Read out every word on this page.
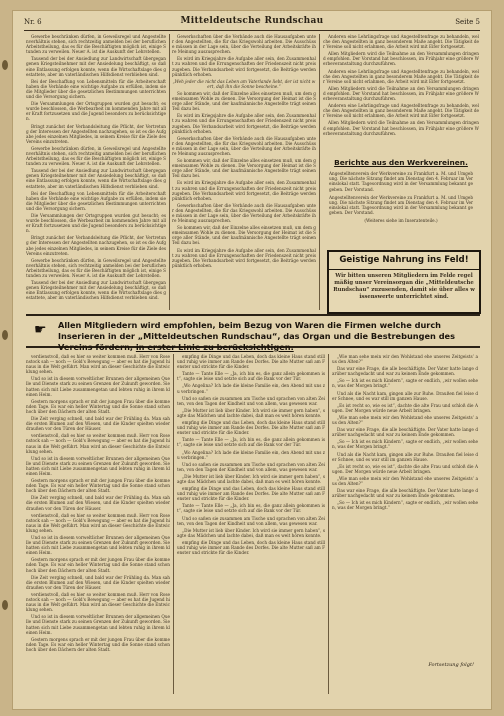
Nr. 6	Mitteldeutsche Rundschau	Seite 5

Gewerbe beschränken dürfen, in Geweilsregel und Angestelltenverhältnis stehen, sich rechtzeitig anmelden bei der beruflichen Arbeitstheilung, das es für die Beschäftigten möglich ist, einige Stunden zu verweilen. Neuer A. ist die Auskunft der Lehrstellen.

Tausend der bei der Ansiedlung zur Landwirtschaft übergegangenen Kriegsteilnehmer mit der Ansiedelung beschäftigt, so daß eine Entlassung erfolgen konnte, wenn die Wirtschaftslage dies gestattete, aber im vaterländischen Hilfsdienst verblieben sind.

Bei der Beschaffung von Lebensmitteln für die Arbeiterschaft haben die Verbände eine wichtige Aufgabe zu erfüllen, indem sie die Mitglieder über die gesetzlichen Bestimmungen unterrichten und die Versorgung sichern.

Die Versammlungen der Ortsgruppen wurden gut besucht; es wurde beschlossen, die Werbearbeit im kommenden Jahre mit aller Kraft fortzusetzen und die Jugend besonders zu berücksichtigen.

Bringt zunächst der Verbandsleitung die Pflicht, der Vertretung der Interessen der Angestellten nachzugehen, so ist es die Aufgabe jedes einzelnen Mitgliedes, in seinem Kreise für die Ziele des Vereins einzutreten.

Gewerbe beschränken dürfen, in Geweilsregel und Angestelltenverhältnis stehen, sich rechtzeitig anmelden bei der beruflichen Arbeitstheilung, das es für die Beschäftigten möglich ist, einige Stunden zu verweilen. Neuer A. ist die Auskunft der Lehrstellen.

Tausend der bei der Ansiedlung zur Landwirtschaft übergegangenen Kriegsteilnehmer mit der Ansiedelung beschäftigt, so daß eine Entlassung erfolgen konnte, wenn die Wirtschaftslage dies gestattete, aber im vaterländischen Hilfsdienst verblieben sind.

Bei der Beschaffung von Lebensmitteln für die Arbeiterschaft haben die Verbände eine wichtige Aufgabe zu erfüllen, indem sie die Mitglieder über die gesetzlichen Bestimmungen unterrichten und die Versorgung sichern.

Die Versammlungen der Ortsgruppen wurden gut besucht; es wurde beschlossen, die Werbearbeit im kommenden Jahre mit aller Kraft fortzusetzen und die Jugend besonders zu berücksichtigen.

Bringt zunächst der Verbandsleitung die Pflicht, der Vertretung der Interessen der Angestellten nachzugehen, so ist es die Aufgabe jedes einzelnen Mitgliedes, in seinem Kreise für die Ziele des Vereins einzutreten.

Gewerbe beschränken dürfen, in Geweilsregel und Angestelltenverhältnis stehen, sich rechtzeitig anmelden bei der beruflichen Arbeitstheilung, das es für die Beschäftigten möglich ist, einige Stunden zu verweilen. Neuer A. ist die Auskunft der Lehrstellen.

Tausend der bei der Ansiedlung zur Landwirtschaft übergegangenen Kriegsteilnehmer mit der Ansiedelung beschäftigt, so daß eine Entlassung erfolgen konnte, wenn die Wirtschaftslage dies gestattete, aber im vaterländischen Hilfsdienst verblieben sind.

Gewerkschaften über die Verbände auch die Hausaufgaben unter den Angestellten, die für das Kriegswohl arbeiten. Die Ausschüsse müssen in der Lage sein, über die Verteilung der Arbeitskräfte ihre Meinung auszusprechen.

Es wird im Kriegsjahre die Aufgabe aller sein, den Zusammenhalt zu wahren und die Errungenschaften der Friedenszeit nicht preiszugeben. Die Verbandsarbeit wird fortgesetzt, die Beiträge werden pünktlich erhoben.

„Weh jeder die nicht das Leben am Vaterlande liebt, der ist nicht wert, daß ihn die Sonne bescheine.“

So kommen wir, daß der Einzelne alles einsetzen muß, um dem gemeinsamen Wohle zu dienen. Die Versorgung der Heimat ist die Sorge aller Stände, und der kaufmännische Angestellte trägt seinen Teil dazu bei.

Es wird im Kriegsjahre die Aufgabe aller sein, den Zusammenhalt zu wahren und die Errungenschaften der Friedenszeit nicht preiszugeben. Die Verbandsarbeit wird fortgesetzt, die Beiträge werden pünktlich erhoben.

Gewerkschaften über die Verbände auch die Hausaufgaben unter den Angestellten, die für das Kriegswohl arbeiten. Die Ausschüsse müssen in der Lage sein, über die Verteilung der Arbeitskräfte ihre Meinung auszusprechen.

So kommen wir, daß der Einzelne alles einsetzen muß, um dem gemeinsamen Wohle zu dienen. Die Versorgung der Heimat ist die Sorge aller Stände, und der kaufmännische Angestellte trägt seinen Teil dazu bei.

Es wird im Kriegsjahre die Aufgabe aller sein, den Zusammenhalt zu wahren und die Errungenschaften der Friedenszeit nicht preiszugeben. Die Verbandsarbeit wird fortgesetzt, die Beiträge werden pünktlich erhoben.

Gewerkschaften über die Verbände auch die Hausaufgaben unter den Angestellten, die für das Kriegswohl arbeiten. Die Ausschüsse müssen in der Lage sein, über die Verteilung der Arbeitskräfte ihre Meinung auszusprechen.

So kommen wir, daß der Einzelne alles einsetzen muß, um dem gemeinsamen Wohle zu dienen. Die Versorgung der Heimat ist die Sorge aller Stände, und der kaufmännische Angestellte trägt seinen Teil dazu bei.

Es wird im Kriegsjahre die Aufgabe aller sein, den Zusammenhalt zu wahren und die Errungenschaften der Friedenszeit nicht preiszugeben. Die Verbandsarbeit wird fortgesetzt, die Beiträge werden pünktlich erhoben.

Anderen eine Lehrlingsfrage und Angestelltenfrage zu behandeln, welche den Angestellten in ganz besonderem Maße angeht. Die Tätigkeit der Vereine soll nicht erlahmen, die Arbeit wird mit Eifer fortgesetzt.

Allen Mitgliedern wird die Teilnahme an den Versammlungen dringend empfohlen. Der Vorstand hat beschlossen, im Frühjahr eine größere Werbeveranstaltung durchzuführen.

Anderen eine Lehrlingsfrage und Angestelltenfrage zu behandeln, welche den Angestellten in ganz besonderem Maße angeht. Die Tätigkeit der Vereine soll nicht erlahmen, die Arbeit wird mit Eifer fortgesetzt.

Allen Mitgliedern wird die Teilnahme an den Versammlungen dringend empfohlen. Der Vorstand hat beschlossen, im Frühjahr eine größere Werbeveranstaltung durchzuführen.

Anderen eine Lehrlingsfrage und Angestelltenfrage zu behandeln, welche den Angestellten in ganz besonderem Maße angeht. Die Tätigkeit der Vereine soll nicht erlahmen, die Arbeit wird mit Eifer fortgesetzt.

Allen Mitgliedern wird die Teilnahme an den Versammlungen dringend empfohlen. Der Vorstand hat beschlossen, im Frühjahr eine größere Werbeveranstaltung durchzuführen.

Berichte aus den Werkvereinen.
Angestelltenverein der Werkvereine zu Frankfurt a. M. und Umgebung. Die nächste Sitzung findet am Dienstag den 4. Februar im Vereinslokal statt. Tagesordnung wird in der Versammlung bekannt gegeben. Der Vorstand.
Angestelltenverein der Werkvereine zu Frankfurt a. M. und Umgebung. Die nächste Sitzung findet am Dienstag den 4. Februar im Vereinslokal statt. Tagesordnung wird in der Versammlung bekannt gegeben. Der Vorstand.
(Weiteres siehe im Inseratenteile.)
Geistige Nahrung ins Feld!
Wir bitten unseren Mitgliedern im Felde regelmäßig unser Vereinsorgan die „Mitteldeutsche Rundschau“ zuzusenden, damit sie über alles wissenswerte unterrichtet sind.
☛ Allen Mitgliedern wird empfohlen, beim Bezug von Waren die Firmen welche durch Inserieren in der „Mitteldeutschen Rundschau“, das Organ und die Bestrebungen des Vereins fördern, in erster Linie zu berücksichtigen.

verdienstvoll, daß es hier so weiter kommen muß. Herr von Rosenstock sah — noch — Gold's Bewegung — aber es hat die Jugend hinaus in die Welt geführt. Man wird an dieser Geschichte die Entwicklung sehen.

Und so ist in diesem vorweltlicher Brunnen der allgemeinen Quelle und Dienste stark zu seinen Grenzen der Zukunft geworden. Sie hatten sich mit Liebe zusammengetan und lebten ruhig in ihrem kleinen Heim.

Gestern morgens sprach er mit der jungen Frau über die kommenden Tage. Es war ein heller Wintertag und die Sonne stand schon hoch über den Dächern der alten Stadt.

Die Zeit verging schnell, und bald war der Frühling da. Man sah die ersten Blumen auf den Wiesen, und die Kinder spielten wieder draußen vor den Türen der Häuser.

verdienstvoll, daß es hier so weiter kommen muß. Herr von Rosenstock sah — noch — Gold's Bewegung — aber es hat die Jugend hinaus in die Welt geführt. Man wird an dieser Geschichte die Entwicklung sehen.

Und so ist in diesem vorweltlicher Brunnen der allgemeinen Quelle und Dienste stark zu seinen Grenzen der Zukunft geworden. Sie hatten sich mit Liebe zusammengetan und lebten ruhig in ihrem kleinen Heim.

Gestern morgens sprach er mit der jungen Frau über die kommenden Tage. Es war ein heller Wintertag und die Sonne stand schon hoch über den Dächern der alten Stadt.

Die Zeit verging schnell, und bald war der Frühling da. Man sah die ersten Blumen auf den Wiesen, und die Kinder spielten wieder draußen vor den Türen der Häuser.

verdienstvoll, daß es hier so weiter kommen muß. Herr von Rosenstock sah — noch — Gold's Bewegung — aber es hat die Jugend hinaus in die Welt geführt. Man wird an dieser Geschichte die Entwicklung sehen.

Und so ist in diesem vorweltlicher Brunnen der allgemeinen Quelle und Dienste stark zu seinen Grenzen der Zukunft geworden. Sie hatten sich mit Liebe zusammengetan und lebten ruhig in ihrem kleinen Heim.

Gestern morgens sprach er mit der jungen Frau über die kommenden Tage. Es war ein heller Wintertag und die Sonne stand schon hoch über den Dächern der alten Stadt.

Die Zeit verging schnell, und bald war der Frühling da. Man sah die ersten Blumen auf den Wiesen, und die Kinder spielten wieder draußen vor den Türen der Häuser.

verdienstvoll, daß es hier so weiter kommen muß. Herr von Rosenstock sah — noch — Gold's Bewegung — aber es hat die Jugend hinaus in die Welt geführt. Man wird an dieser Geschichte die Entwicklung sehen.

Und so ist in diesem vorweltlicher Brunnen der allgemeinen Quelle und Dienste stark zu seinen Grenzen der Zukunft geworden. Sie hatten sich mit Liebe zusammengetan und lebten ruhig in ihrem kleinen Heim.

Gestern morgens sprach er mit der jungen Frau über die kommenden Tage. Es war ein heller Wintertag und die Sonne stand schon hoch über den Dächern der alten Stadt.

empfing die Dinge und das Leben, doch das kleine Haus stand still und ruhig wie immer am Rande des Dorfes. Die alte Mutter saß am Fenster und strickte für die Kinder.

Tante — Tante Elle — „Ja, ich bin es, die ganz allein gekommen ist“, sagte sie leise und setzte sich auf die Bank vor der Tür.

„Wo Angelina? Ich lade die kleine Familie ein, den Abend mit uns zu verbringen.“

Und so saßen sie zusammen am Tische und sprachen von alten Zeiten, von den Tagen der Kindheit und von allem, was gewesen war.

„Die Mutter ist lieb über Kinder. Ich wird sie immer gern haben“, sagte das Mädchen und lachte dabei, daß man es weit hören konnte.

empfing die Dinge und das Leben, doch das kleine Haus stand still und ruhig wie immer am Rande des Dorfes. Die alte Mutter saß am Fenster und strickte für die Kinder.

Tante — Tante Elle — „Ja, ich bin es, die ganz allein gekommen ist“, sagte sie leise und setzte sich auf die Bank vor der Tür.

„Wo Angelina? Ich lade die kleine Familie ein, den Abend mit uns zu verbringen.“

Und so saßen sie zusammen am Tische und sprachen von alten Zeiten, von den Tagen der Kindheit und von allem, was gewesen war.

„Die Mutter ist lieb über Kinder. Ich wird sie immer gern haben“, sagte das Mädchen und lachte dabei, daß man es weit hören konnte.

empfing die Dinge und das Leben, doch das kleine Haus stand still und ruhig wie immer am Rande des Dorfes. Die alte Mutter saß am Fenster und strickte für die Kinder.

Tante — Tante Elle — „Ja, ich bin es, die ganz allein gekommen ist“, sagte sie leise und setzte sich auf die Bank vor der Tür.

Und so saßen sie zusammen am Tische und sprachen von alten Zeiten, von den Tagen der Kindheit und von allem, was gewesen war.

„Die Mutter ist lieb über Kinder. Ich wird sie immer gern haben“, sagte das Mädchen und lachte dabei, daß man es weit hören konnte.

empfing die Dinge und das Leben, doch das kleine Haus stand still und ruhig wie immer am Rande des Dorfes. Die alte Mutter saß am Fenster und strickte für die Kinder.

„Wie man sehe mein wir den Wohlstand ehe unseres Zeitgeists’ aus den Alten?“

Das war eine Frage, die alle beschäftigte. Der Vater hatte lange darüber nachgedacht und war zu keinem Ende gekommen.

„So — Ich ist es mich Kindern“, sagte er endlich, „wir wollen sehen, was der Morgen bringt.“

Und als die Nacht kam, gingen alle zur Ruhe. Draußen fiel leise der Schnee, und es war still im ganzen Hause.

„Es ist recht so, wie es ist“, dachte die alte Frau und schloß die Augen. Der Morgen würde neue Arbeit bringen.

„Wie man sehe mein wir den Wohlstand ehe unseres Zeitgeists’ aus den Alten?“

Das war eine Frage, die alle beschäftigte. Der Vater hatte lange darüber nachgedacht und war zu keinem Ende gekommen.

„So — Ich ist es mich Kindern“, sagte er endlich, „wir wollen sehen, was der Morgen bringt.“

Und als die Nacht kam, gingen alle zur Ruhe. Draußen fiel leise der Schnee, und es war still im ganzen Hause.

„Es ist recht so, wie es ist“, dachte die alte Frau und schloß die Augen. Der Morgen würde neue Arbeit bringen.

„Wie man sehe mein wir den Wohlstand ehe unseres Zeitgeists’ aus den Alten?“

Das war eine Frage, die alle beschäftigte. Der Vater hatte lange darüber nachgedacht und war zu keinem Ende gekommen.

„So — Ich ist es mich Kindern“, sagte er endlich, „wir wollen sehen, was der Morgen bringt.“

Fortsetzung folgt!
